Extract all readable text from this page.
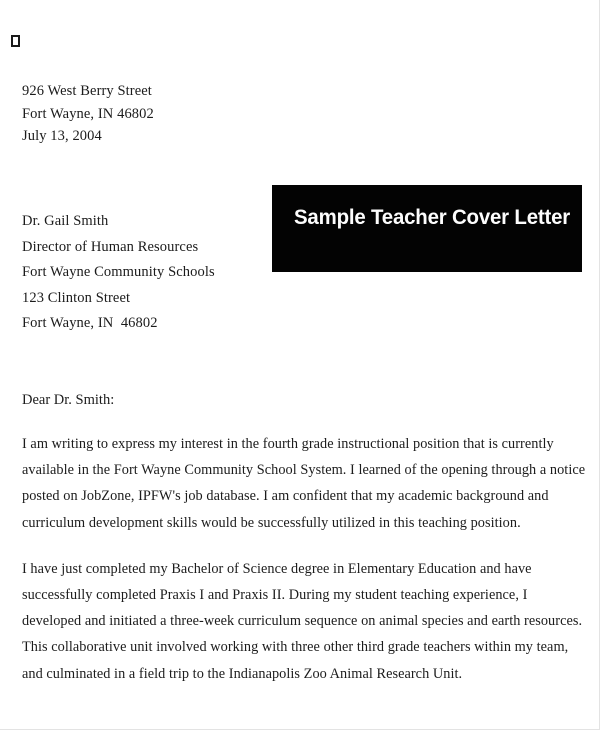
926 West Berry Street
Fort Wayne, IN 46802
July 13, 2004
Sample Teacher Cover Letter
Dr. Gail Smith
Director of Human Resources
Fort Wayne Community Schools
123 Clinton Street
Fort Wayne, IN  46802
Dear Dr. Smith:

I am writing to express my interest in the fourth grade instructional position that is currently
available in the Fort Wayne Community School System. I learned of the opening through a notice
posted on JobZone, IPFW's job database. I am confident that my academic background and
curriculum development skills would be successfully utilized in this teaching position.

I have just completed my Bachelor of Science degree in Elementary Education and have
successfully completed Praxis I and Praxis II. During my student teaching experience, I
developed and initiated a three-week curriculum sequence on animal species and earth resources.
This collaborative unit involved working with three other third grade teachers within my team,
and culminated in a field trip to the Indianapolis Zoo Animal Research Unit.
